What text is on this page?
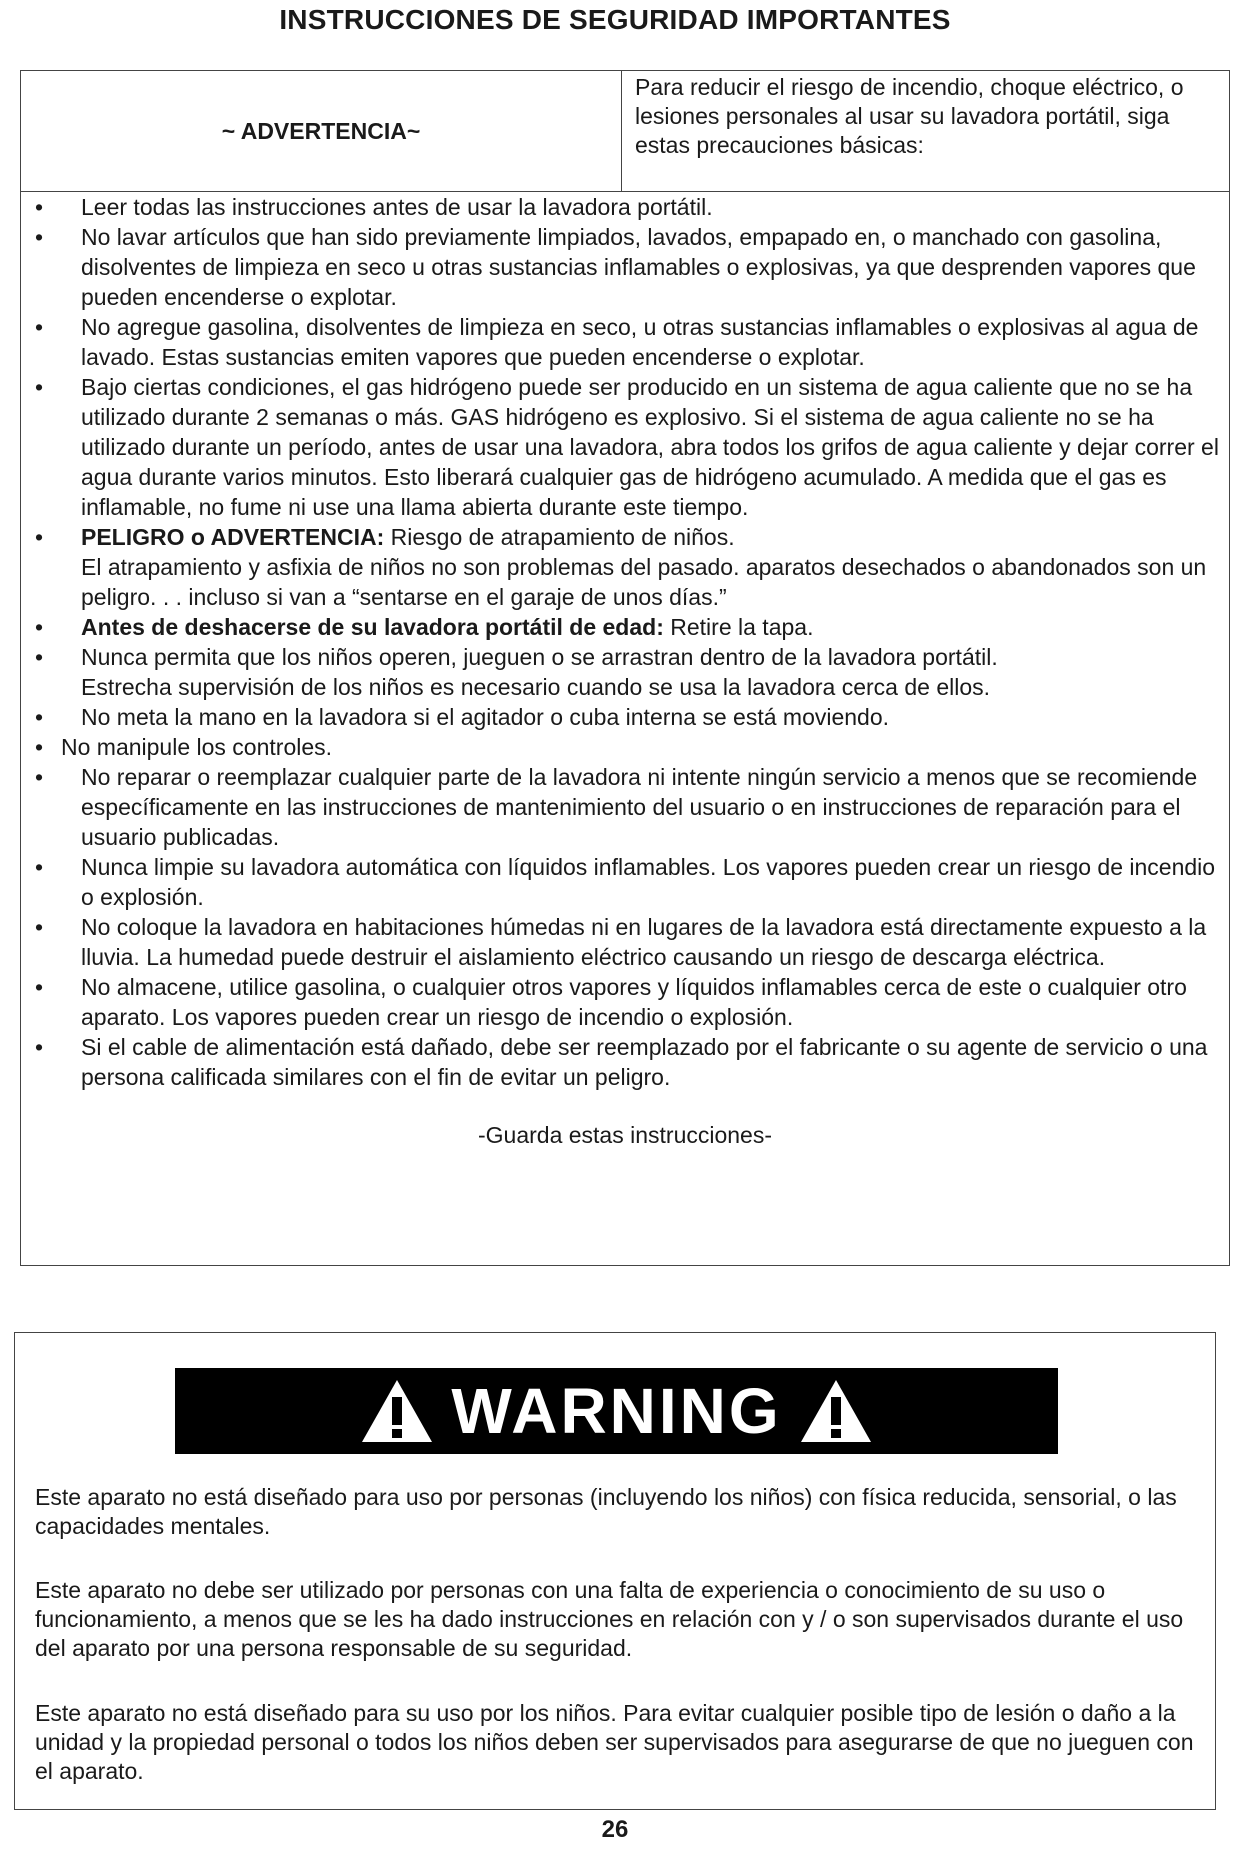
INSTRUCCIONES DE SEGURIDAD IMPORTANTES
~ ADVERTENCIA~
Para reducir el riesgo de incendio, choque eléctrico, o lesiones personales al usar su lavadora portátil, siga estas precauciones básicas:
• Leer todas las instrucciones antes de usar la lavadora portátil.
• No lavar artículos que han sido previamente limpiados, lavados, empapado en, o manchado con gasolina, disolventes de limpieza en seco u otras sustancias inflamables o explosivas, ya que desprenden vapores que pueden encenderse o explotar.
• No agregue gasolina, disolventes de limpieza en seco, u otras sustancias inflamables o explosivas al agua de lavado. Estas sustancias emiten vapores que pueden encenderse o explotar.
• Bajo ciertas condiciones, el gas hidrógeno puede ser producido en un sistema de agua caliente que no se ha utilizado durante 2 semanas o más. GAS hidrógeno es explosivo. Si el sistema de agua caliente no se ha utilizado durante un período, antes de usar una lavadora, abra todos los grifos de agua caliente y dejar correr el agua durante varios minutos. Esto liberará cualquier gas de hidrógeno acumulado. A medida que el gas es inflamable, no fume ni use una llama abierta durante este tiempo.
• PELIGRO o ADVERTENCIA: Riesgo de atrapamiento de niños.
El atrapamiento y asfixia de niños no son problemas del pasado. aparatos desechados o abandonados son un peligro. . . incluso si van a “sentarse en el garaje de unos días.”
• Antes de deshacerse de su lavadora portátil de edad: Retire la tapa.
• Nunca permita que los niños operen, jueguen o se arrastran dentro de la lavadora portátil.
Estrecha supervisión de los niños es necesario cuando se usa la lavadora cerca de ellos.
• No meta la mano en la lavadora si el agitador o cuba interna se está moviendo.
• No manipule los controles.
• No reparar o reemplazar cualquier parte de la lavadora ni intente ningún servicio a menos que se recomiende específicamente en las instrucciones de mantenimiento del usuario o en instrucciones de reparación para el usuario publicadas.
• Nunca limpie su lavadora automática con líquidos inflamables. Los vapores pueden crear un riesgo de incendio o explosión.
• No coloque la lavadora en habitaciones húmedas ni en lugares de la lavadora está directamente expuesto a la lluvia. La humedad puede destruir el aislamiento eléctrico causando un riesgo de descarga eléctrica.
• No almacene, utilice gasolina, o cualquier otros vapores y líquidos inflamables cerca de este o cualquier otro aparato. Los vapores pueden crear un riesgo de incendio o explosión.
• Si el cable de alimentación está dañado, debe ser reemplazado por el fabricante o su agente de servicio o una persona calificada similares con el fin de evitar un peligro.
-Guarda estas instrucciones-
WARNING

Este aparato no está diseñado para uso por personas (incluyendo los niños) con física reducida, sensorial, o las capacidades mentales.

Este aparato no debe ser utilizado por personas con una falta de experiencia o conocimiento de su uso o funcionamiento, a menos que se les ha dado instrucciones en relación con y / o son supervisados durante el uso del aparato por una persona responsable de su seguridad.

Este aparato no está diseñado para su uso por los niños. Para evitar cualquier posible tipo de lesión o daño a la unidad y la propiedad personal o todos los niños deben ser supervisados para asegurarse de que no jueguen con el aparato.

26
